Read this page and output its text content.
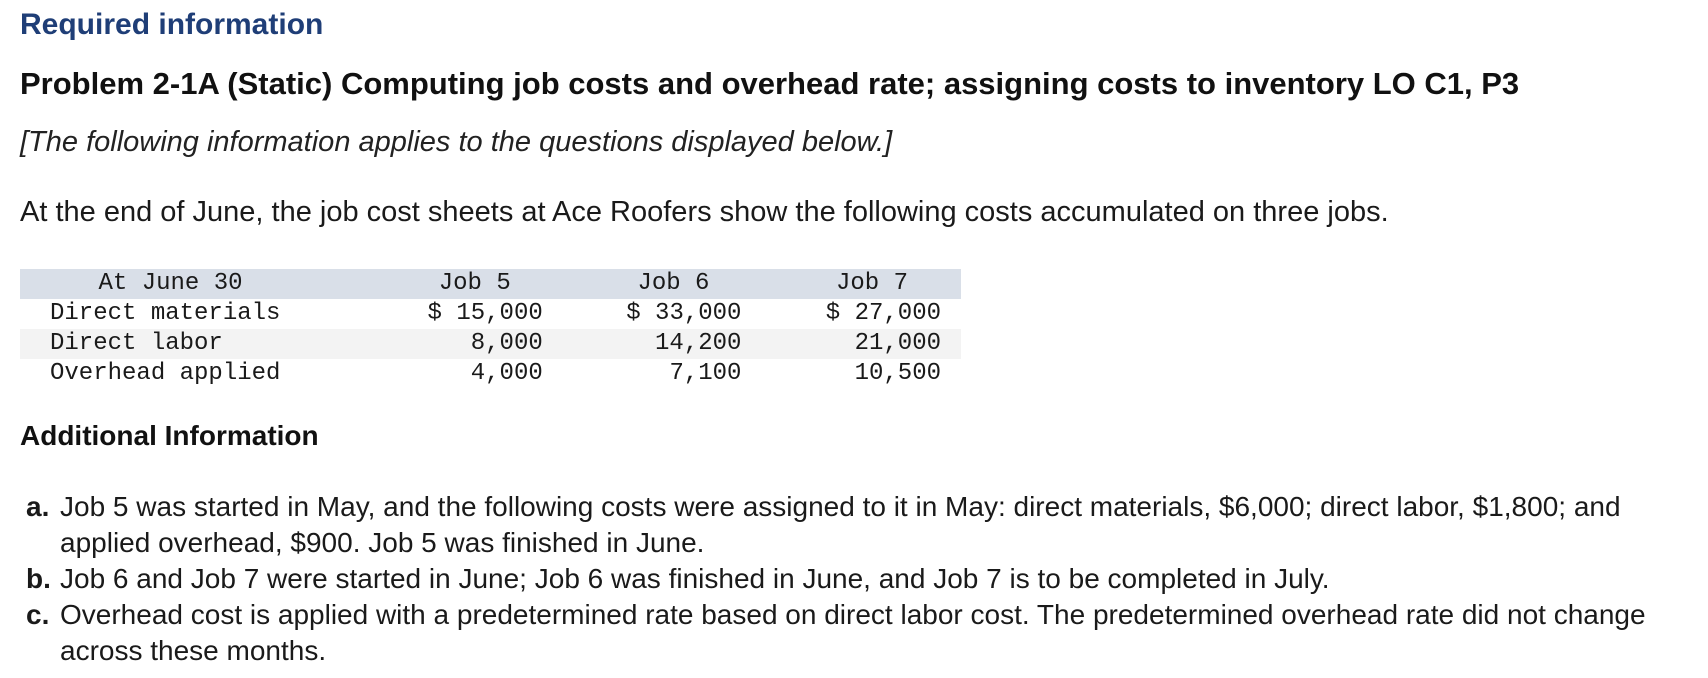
Required information
Problem 2-1A (Static) Computing job costs and overhead rate; assigning costs to inventory LO C1, P3
[The following information applies to the questions displayed below.]
At the end of June, the job cost sheets at Ace Roofers show the following costs accumulated on three jobs.
At June 30	Job 5	Job 6	Job 7
Direct materials	$ 15,000	$ 33,000	$ 27,000
Direct labor	8,000	14,200	21,000
Overhead applied	4,000	7,100	10,500
Additional Information
a. Job 5 was started in May, and the following costs were assigned to it in May: direct materials, $6,000; direct labor, $1,800; and applied overhead, $900. Job 5 was finished in June.
b. Job 6 and Job 7 were started in June; Job 6 was finished in June, and Job 7 is to be completed in July.
c. Overhead cost is applied with a predetermined rate based on direct labor cost. The predetermined overhead rate did not change across these months.
